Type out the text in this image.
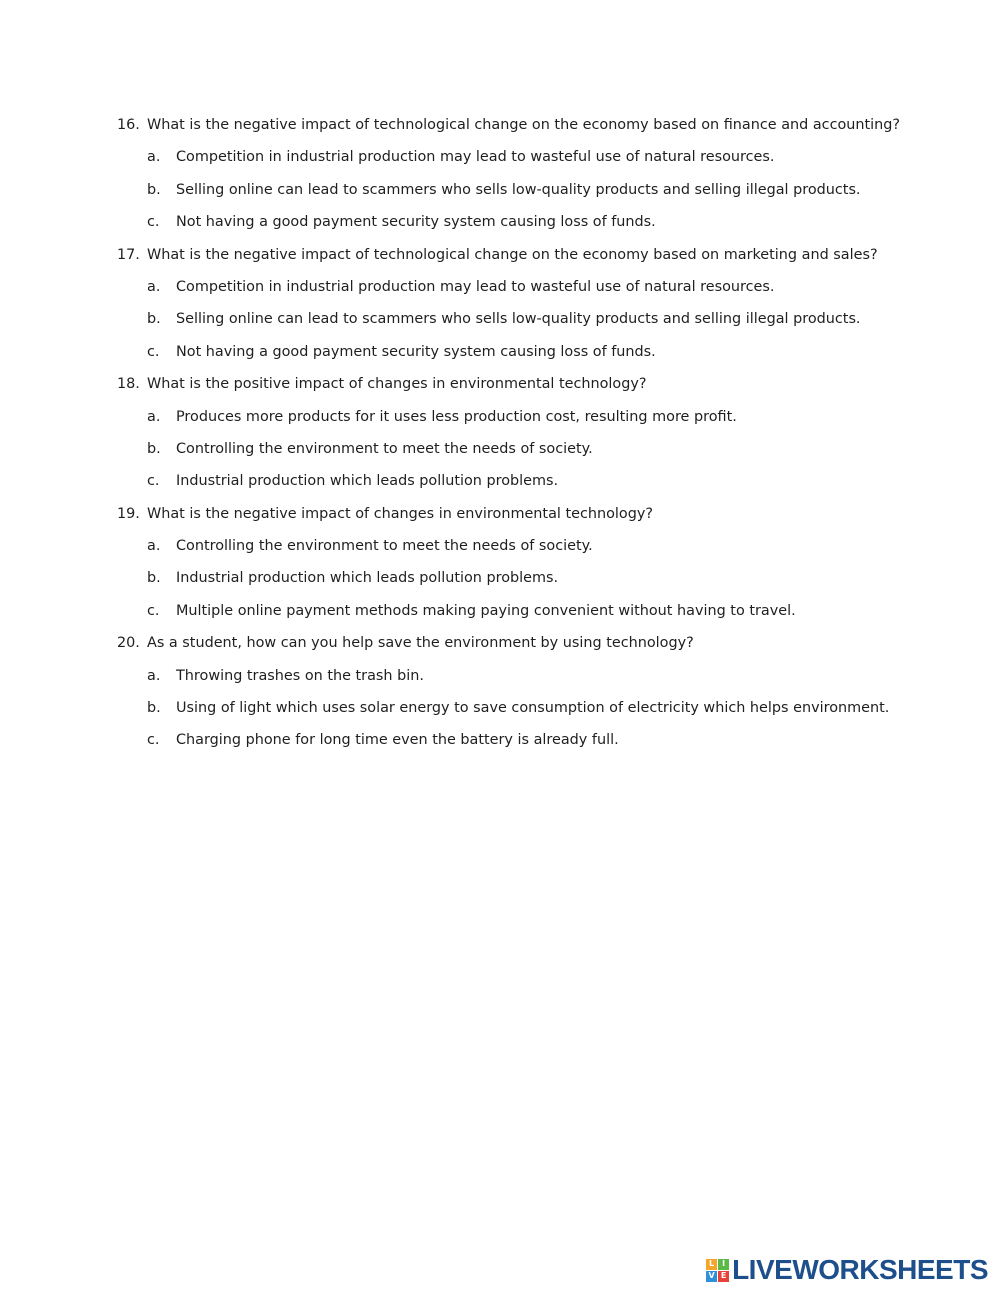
16. What is the negative impact of technological change on the economy based on finance and accounting?
a. Competition in industrial production may lead to wasteful use of natural resources.
b. Selling online can lead to scammers who sells low-quality products and selling illegal products.
c. Not having a good payment security system causing loss of funds.
17. What is the negative impact of technological change on the economy based on marketing and sales?
a. Competition in industrial production may lead to wasteful use of natural resources.
b. Selling online can lead to scammers who sells low-quality products and selling illegal products.
c. Not having a good payment security system causing loss of funds.
18. What is the positive impact of changes in environmental technology?
a. Produces more products for it uses less production cost, resulting more profit.
b. Controlling the environment to meet the needs of society.
c. Industrial production which leads pollution problems.
19. What is the negative impact of changes in environmental technology?
a. Controlling the environment to meet the needs of society.
b. Industrial production which leads pollution problems.
c. Multiple online payment methods making paying convenient without having to travel.
20. As a student, how can you help save the environment by using technology?
a. Throwing trashes on the trash bin.
b. Using of light which uses solar energy to save consumption of electricity which helps environment.
c. Charging phone for long time even the battery is already full.
L I
V E LIVEWORKSHEETS
